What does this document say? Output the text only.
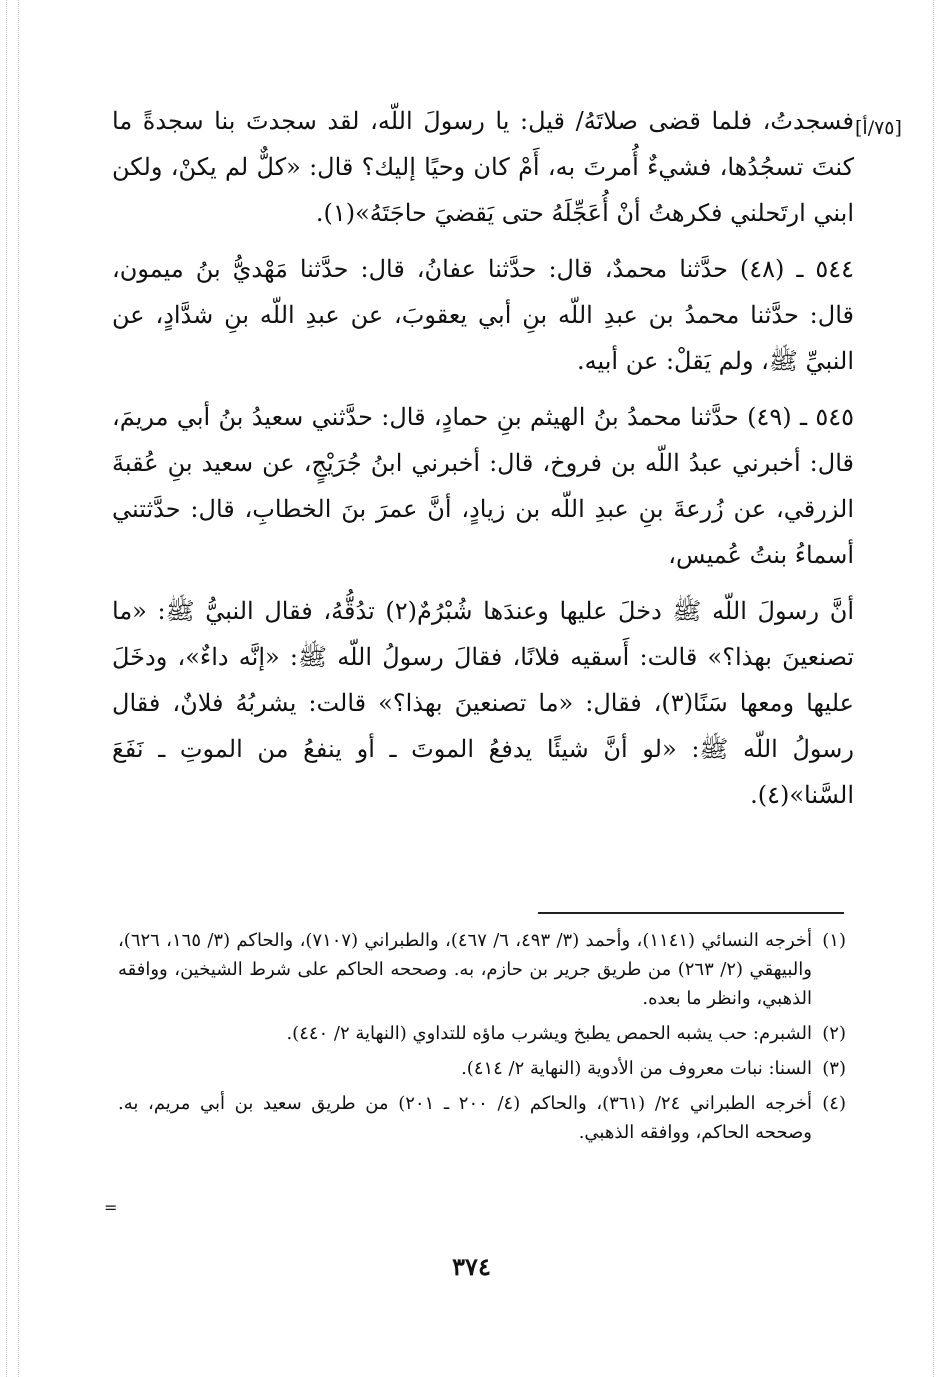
[٧٥/أ]

فسجدتُ، فلما قضى صلاتَهُ/ قيل: يا رسولَ اللّه، لقد سجدتَ بنا سجدةً ما كنتَ تسجُدُها، فشيءٌ أُمرتَ به، أَمْ كان وحيًا إليك؟ قال: «كلٌّ لم يكنْ، ولكن ابني ارتَحلني فكرهتُ أنْ أُعَجِّلَهُ حتى يَقضيَ حاجَتَهُ»(١).

٥٤٤ ـ (٤٨) حدَّثنا محمدٌ، قال: حدَّثنا عفانُ، قال: حدَّثنا مَهْديُّ بنُ ميمون، قال: حدَّثنا محمدُ بن عبدِ اللّه بنِ أبي يعقوبَ، عن عبدِ اللّه بنِ شدَّادٍ، عن النبيِّ ﷺ، ولم يَقلْ: عن أبيه.

٥٤٥ ـ (٤٩) حدَّثنا محمدُ بنُ الهيثم بنِ حمادٍ، قال: حدَّثني سعيدُ بنُ أبي مريمَ، قال: أخبرني عبدُ اللّه بن فروخ، قال: أخبرني ابنُ جُرَيْجٍ، عن سعيد بنِ عُقبةَ الزرقي، عن زُرعةَ بنِ عبدِ اللّه بن زيادٍ، أنَّ عمرَ بنَ الخطابِ، قال: حدَّثتني أسماءُ بنتُ عُميس،

أنَّ رسولَ اللّه ﷺ دخلَ عليها وعندَها شُبْرُمٌ(٢) تدُقُّهُ، فقال النبيُّ ﷺ: «ما تصنعينَ بهذا؟» قالت: أَسقيه فلانًا، فقالَ رسولُ اللّه ﷺ: «إنَّه داءٌ»، ودخَلَ عليها ومعها سَنًا(٣)، فقال: «ما تصنعينَ بهذا؟» قالت: يشربُهُ فلانٌ، فقال رسولُ اللّه ﷺ: «لو أنَّ شيئًا يدفعُ الموتَ ـ أو ينفعُ من الموتِ ـ نَفَعَ السَّنا»(٤).

(١)
أخرجه النسائي (١١٤١)، وأحمد (٣/ ٤٩٣، ٦/ ٤٦٧)، والطبراني (٧١٠٧)، والحاكم (٣/ ١٦٥، ٦٢٦)، والبيهقي (٢/ ٢٦٣) من طريق جرير بن حازم، به. وصححه الحاكم على شرط الشيخين، ووافقه الذهبي، وانظر ما بعده.
(٢)
الشبرم: حب يشبه الحمص يطبخ ويشرب ماؤه للتداوي (النهاية ٢/ ٤٤٠).
(٣)
السنا: نبات معروف من الأدوية (النهاية ٢/ ٤١٤).
(٤)
أخرجه الطبراني ٢٤/ (٣٦١)، والحاكم (٤/ ٢٠٠ ـ ٢٠١) من طريق سعيد بن أبي مريم، به. وصححه الحاكم، ووافقه الذهبي.
=
٣٧٤
